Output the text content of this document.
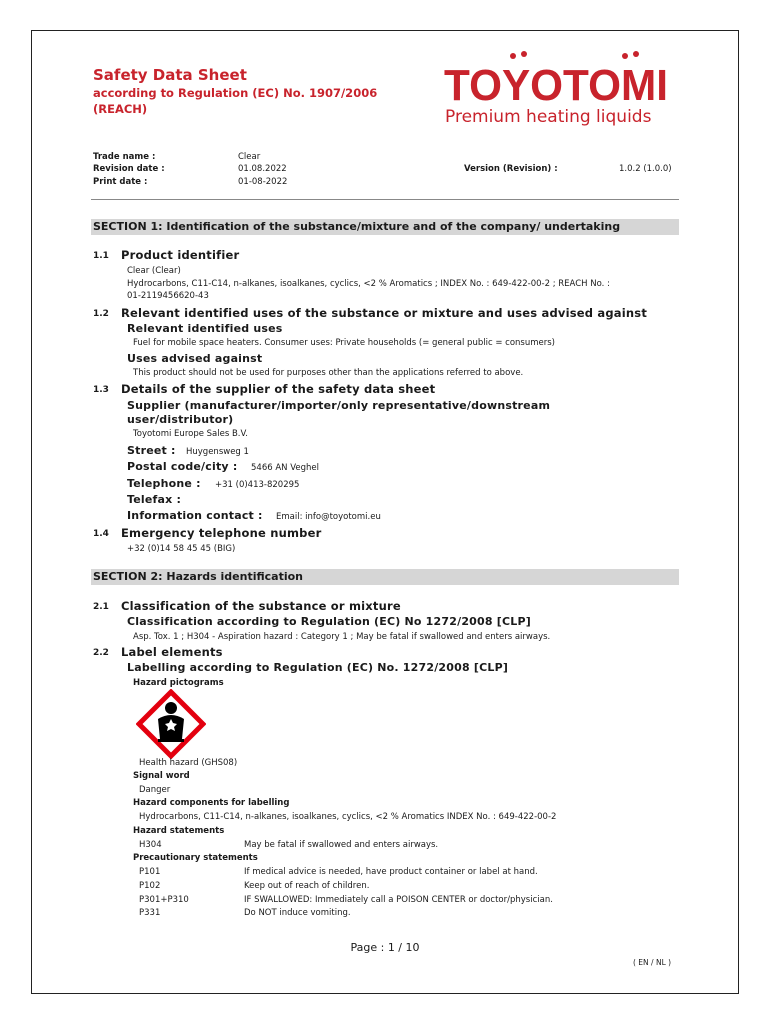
Safety Data Sheet
according to Regulation (EC) No. 1907/2006
(REACH)	TOYOTOMI
Premium heating liquids
Trade name :	Clear
Revision date :	01.08.2022
Print date :	01-08-2022
Version (Revision) :	1.0.2 (1.0.0)
SECTION 1: Identification of the substance/mixture and of the company/ undertaking
1.1 Product identifier
Clear (Clear)
Hydrocarbons, C11-C14, n-alkanes, isoalkanes, cyclics, <2 % Aromatics ; INDEX No. : 649-422-00-2 ; REACH No. :
01-2119456620-43
1.2 Relevant identified uses of the substance or mixture and uses advised against
Relevant identified uses
Fuel for mobile space heaters. Consumer uses: Private households (= general public = consumers)
Uses advised against
This product should not be used for purposes other than the applications referred to above.
1.3 Details of the supplier of the safety data sheet
Supplier (manufacturer/importer/only representative/downstream
user/distributor)
Toyotomi Europe Sales B.V.
Street : Huygensweg 1
Postal code/city : 5466 AN Veghel
Telephone : +31 (0)413-820295
Telefax :
Information contact : Email: info@toyotomi.eu
1.4 Emergency telephone number
+32 (0)14 58 45 45 (BIG)
SECTION 2: Hazards identification
2.1 Classification of the substance or mixture
Classification according to Regulation (EC) No 1272/2008 [CLP]
Asp. Tox. 1 ; H304 - Aspiration hazard : Category 1 ; May be fatal if swallowed and enters airways.
2.2 Label elements
Labelling according to Regulation (EC) No. 1272/2008 [CLP]
Hazard pictograms
Health hazard (GHS08)
Signal word
Danger
Hazard components for labelling
Hydrocarbons, C11-C14, n-alkanes, isoalkanes, cyclics, <2 % Aromatics INDEX No. : 649-422-00-2
Hazard statements
H304	May be fatal if swallowed and enters airways.
Precautionary statements
P101	If medical advice is needed, have product container or label at hand.
P102	Keep out of reach of children.
P301+P310	IF SWALLOWED: Immediately call a POISON CENTER or doctor/physician.
P331	Do NOT induce vomiting.
Page : 1 / 10
( EN / NL )
